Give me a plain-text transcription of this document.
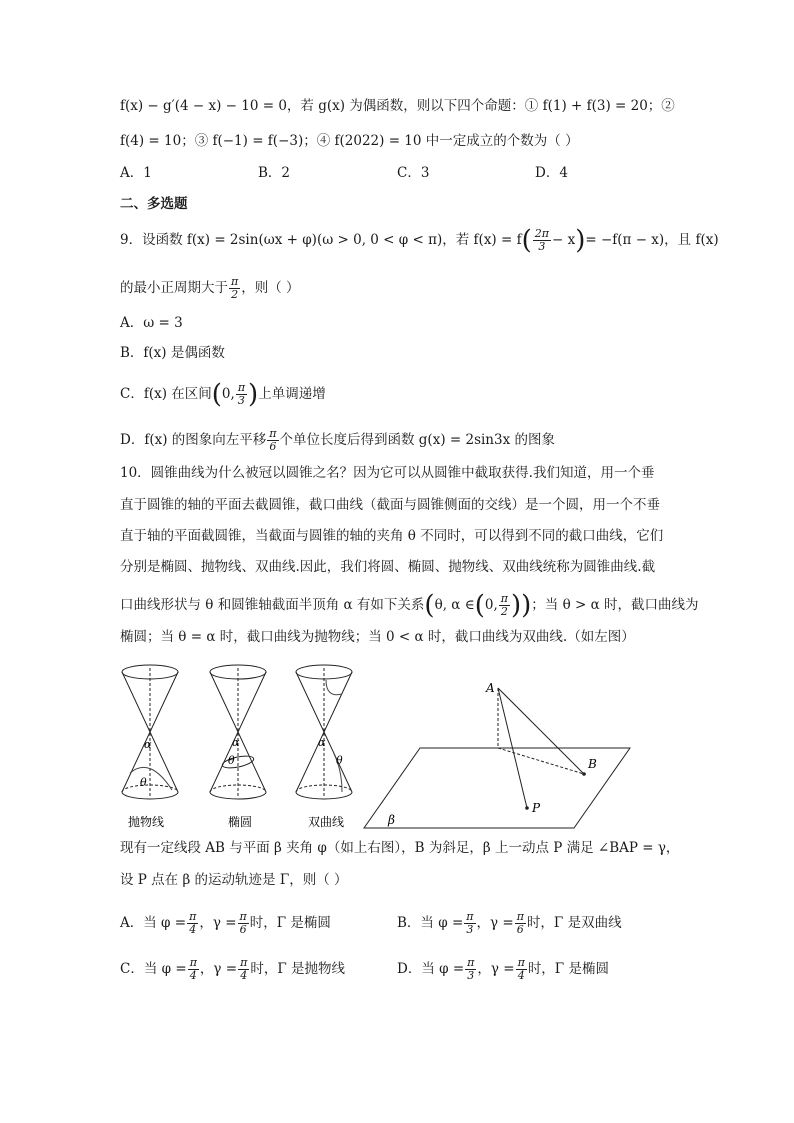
f(x) − g′(4 − x) − 10 = 0，若 g(x) 为偶函数，则以下四个命题：① f(1) + f(3) = 20；②
f(4) = 10；③ f(−1) = f(−3)；④ f(2022) = 10 中一定成立的个数为（ ）
A．1	B．2	C．3	D．4
二、多选题
9．设函数 f(x) = 2sin(ωx + φ)(ω > 0, 0 < φ < π)，若 $f(x) = f( \frac{2\pi}{3} - x)= -f(\pi - x)$，且 f(x)
的最小正周期大于 $\frac{\pi}{2}$ ，则（ ）
A．ω = 3
B．f(x) 是偶函数
C．f(x) 在区间(0, $\frac{\pi}{3}$ )上单调递增
D．f(x) 的图象向左平移 $\frac{\pi}{6}$ 个单位长度后得到函数 g(x) = 2sin3x 的图象
10．圆锥曲线为什么被冠以圆锥之名？因为它可以从圆锥中截取获得.我们知道，用一个垂
直于圆锥的轴的平面去截圆锥，截口曲线（截面与圆锥侧面的交线）是一个圆，用一个不垂
直于轴的平面截圆锥，当截面与圆锥的轴的夹角 θ 不同时，可以得到不同的截口曲线，它们
分别是椭圆、抛物线、双曲线.因此，我们将圆、椭圆、抛物线、双曲线统称为圆锥曲线.截
口曲线形状与 θ 和圆锥轴截面半顶角 α 有如下关系(θ, α ∈(0, $\frac{\pi}{2}$ ))；当 θ > α 时，截口曲线为
椭圆；当 θ = α 时，截口曲线为抛物线；当 0 < α 时，截口曲线为双曲线.（如左图）
α
θ
α
θ
α
θ
抛物线	椭圆	双曲线
A
B
P
β
现有一定线段 AB 与平面 β 夹角 φ（如上右图），B 为斜足，β 上一动点 P 满足 ∠BAP = γ，
设 P 点在 β 的运动轨迹是 Γ，则（ ）
A．当 $\varphi = \frac{\pi}{4}$ ，$\gamma = \frac{\pi}{6}$ 时，Γ 是椭圆	B．当 $\varphi = \frac{\pi}{3}$ ，$\gamma = \frac{\pi}{6}$ 时，Γ 是双曲线
C．当 $\varphi = \frac{\pi}{4}$ ，$\gamma = \frac{\pi}{4}$ 时，Γ 是抛物线	D．当 $\varphi = \frac{\pi}{3}$ ，$\gamma = \frac{\pi}{4}$ 时，Γ 是椭圆
